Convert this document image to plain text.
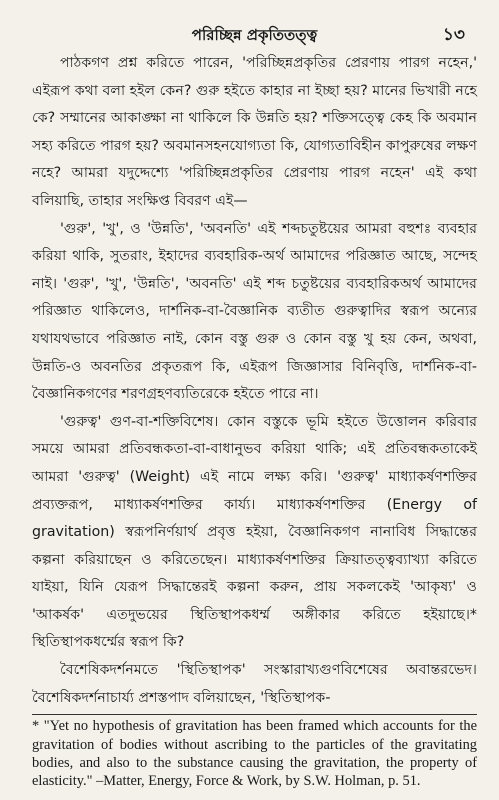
পরিচ্ছিন্ন প্রকৃতিতত্ত্ব	১৩

পাঠকগণ প্রশ্ন করিতে পারেন, 'পরিচ্ছিন্নপ্রকৃতির প্রেরণায় পারগ নহেন,' এইরূপ কথা বলা হইল কেন? গুরু হইতে কাহার না ইচ্ছা হয়? মানের ভিখারী নহে কে? সম্মানের আকাঙ্ক্ষা না থাকিলে কি উন্নতি হয়? শক্তিসত্ত্বে কেহ কি অবমান সহ্য করিতে পারগ হয়? অবমানসহনযোগ্যতা কি, যোগ্যতাবিহীন কাপুরুষের লক্ষণ নহে? আমরা যদুদ্দেশ্যে 'পরিচ্ছিন্নপ্রকৃতির প্রেরণায় পারগ নহেন' এই কথা বলিয়াছি, তাহার সংক্ষিপ্ত বিবরণ এই—

'গুরু', 'খু', ও 'উন্নতি', 'অবনতি' এই শব্দচতুষ্টয়ের আমরা বহুশঃ ব্যবহার করিয়া থাকি, সুতরাং, ইহাদের ব্যবহারিক-অর্থ আমাদের পরিজ্ঞাত আছে, সন্দেহ নাই। 'গুরু', 'খু', 'উন্নতি', 'অবনতি' এই শব্দ চতুষ্টয়ের ব্যবহারিকঅর্থ আমাদের পরিজ্ঞাত থাকিলেও, দার্শনিক-বা-বৈজ্ঞানিক ব্যতীত গুরুত্বাদির স্বরূপ অন্যের যথাযথভাবে পরিজ্ঞাত নাই, কোন বস্তু গুরু ও কোন বস্তু খু হয় কেন, অথবা, উন্নতি-ও অবনতির প্রকৃতরূপ কি, এইরূপ জিজ্ঞাসার বিনিবৃত্তি, দার্শনিক-বা-বৈজ্ঞানিকগণের শরণগ্রহণব্যতিরেকে হইতে পারে না।

'গুরুত্ব' গুণ-বা-শক্তিবিশেষ। কোন বস্তুকে ভূমি হইতে উত্তোলন করিবার সময়ে আমরা প্রতিবন্ধকতা-বা-বাধানুভব করিয়া থাকি; এই প্রতিবন্ধকতাকেই আমরা 'গুরুত্ব' (Weight) এই নামে লক্ষ্য করি। 'গুরুত্ব' মাধ্যাকর্ষণশক্তির প্রব্যক্তরূপ, মাধ্যাকর্ষণশক্তির কার্য্য। মাধ্যাকর্ষণশক্তির (Energy of gravitation) স্বরূপনির্ণয়ার্থ প্রবৃত্ত হইয়া, বৈজ্ঞানিকগণ নানাবিধ সিদ্ধান্তের কল্পনা করিয়াছেন ও করিতেছেন। মাধ্যাকর্ষণশক্তির ক্রিয়াতত্ত্বব্যাখ্যা করিতে যাইয়া, যিনি যেরূপ সিদ্ধান্তেরই কল্পনা করুন, প্রায় সকলকেই 'আকৃষ্য' ও 'আকর্ষক' এতদুভয়ের স্থিতিস্থাপকধর্ম্ম অঙ্গীকার করিতে হইয়াছে।* স্থিতিস্থাপকধর্ম্মের স্বরূপ কি?

বৈশেষিকদর্শনমতে 'স্থিতিস্থাপক' সংস্কারাখ্যগুণবিশেষের অবান্তরভেদ। বৈশেষিকদর্শনাচার্য্য প্রশস্তপাদ বলিয়াছেন, 'স্থিতিস্থাপক-

* "Yet no hypothesis of gravitation has been framed which accounts for the gravitation of bodies without ascribing to the particles of the gravitating bodies, and also to the substance causing the gravitation, the property of elasticity." –Matter, Energy, Force & Work, by S.W. Holman, p. 51.
